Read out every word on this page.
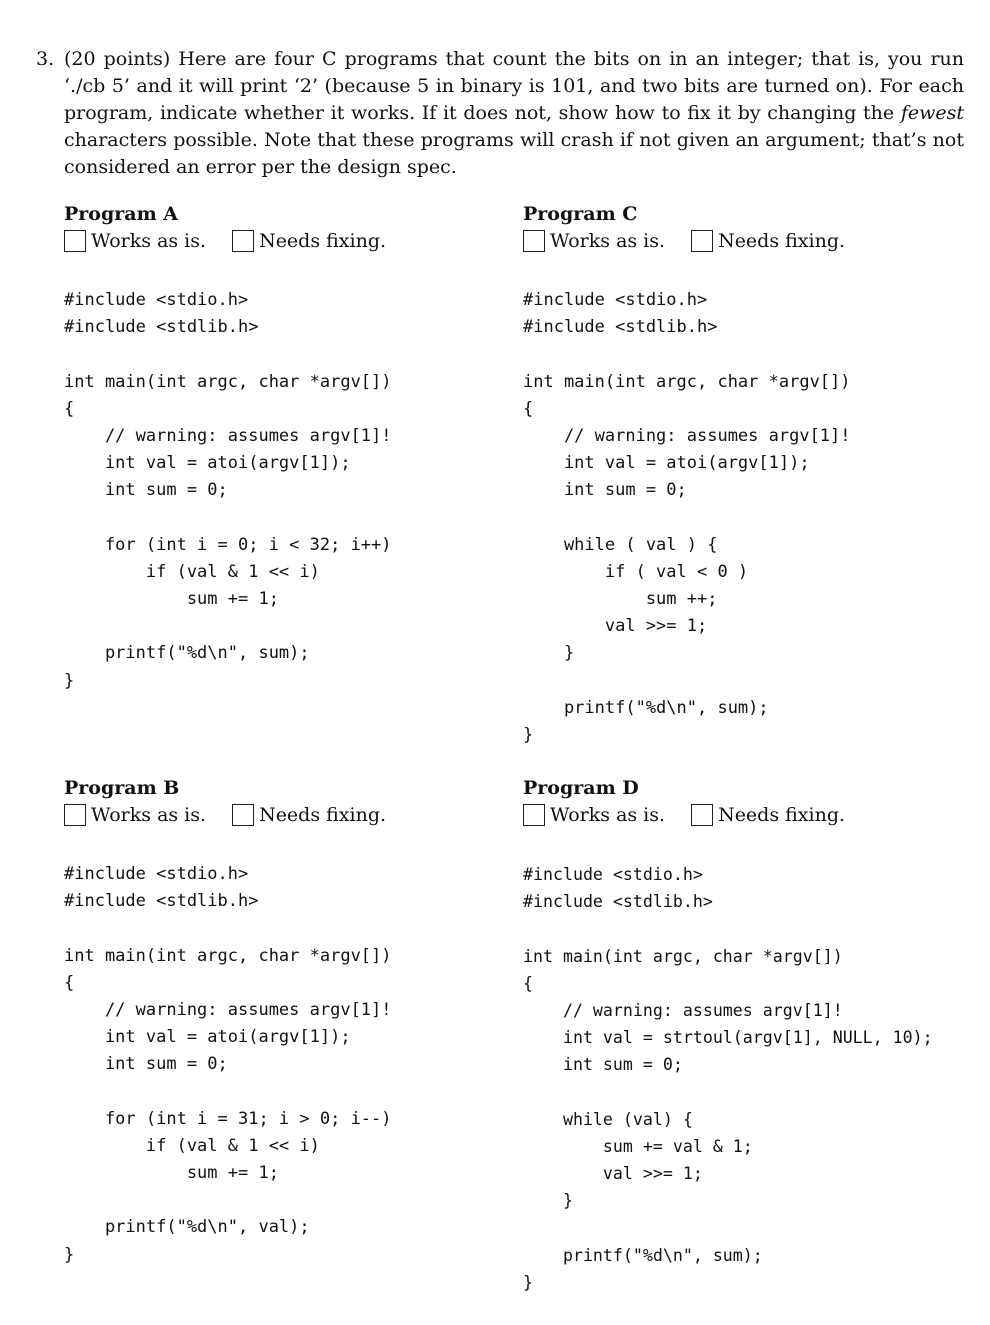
3. (20 points) Here are four C programs that count the bits on in an integer; that is, you run ‘./cb 5’ and it will print ‘2’ (because 5 in binary is 101, and two bits are turned on). For each program, indicate whether it works. If it does not, show how to fix it by changing the fewest characters possible. Note that these programs will crash if not given an argument; that’s not considered an error per the design spec.
Program A
Works as is.	Needs fixing.
#include <stdio.h>
#include <stdlib.h>
int main(int argc, char *argv[])
{
// warning: assumes argv[1]!
int val = atoi(argv[1]);
int sum = 0;
for (int i = 0; i < 32; i++)
if (val & 1 << i)
sum += 1;
printf("%d\n", sum);
}
Program C
Works as is.	Needs fixing.
#include <stdio.h>
#include <stdlib.h>
int main(int argc, char *argv[])
{
// warning: assumes argv[1]!
int val = atoi(argv[1]);
int sum = 0;
while ( val ) {
if ( val < 0 )
sum ++;
val >>= 1;
}
printf("%d\n", sum);
}
Program B
Works as is.	Needs fixing.
#include <stdio.h>
#include <stdlib.h>
int main(int argc, char *argv[])
{
// warning: assumes argv[1]!
int val = atoi(argv[1]);
int sum = 0;
for (int i = 31; i > 0; i--)
if (val & 1 << i)
sum += 1;
printf("%d\n", val);
}
Program D
Works as is.	Needs fixing.
#include <stdio.h>
#include <stdlib.h>
int main(int argc, char *argv[])
{
// warning: assumes argv[1]!
int val = strtoul(argv[1], NULL, 10);
int sum = 0;
while (val) {
sum += val & 1;
val >>= 1;
}
printf("%d\n", sum);
}
